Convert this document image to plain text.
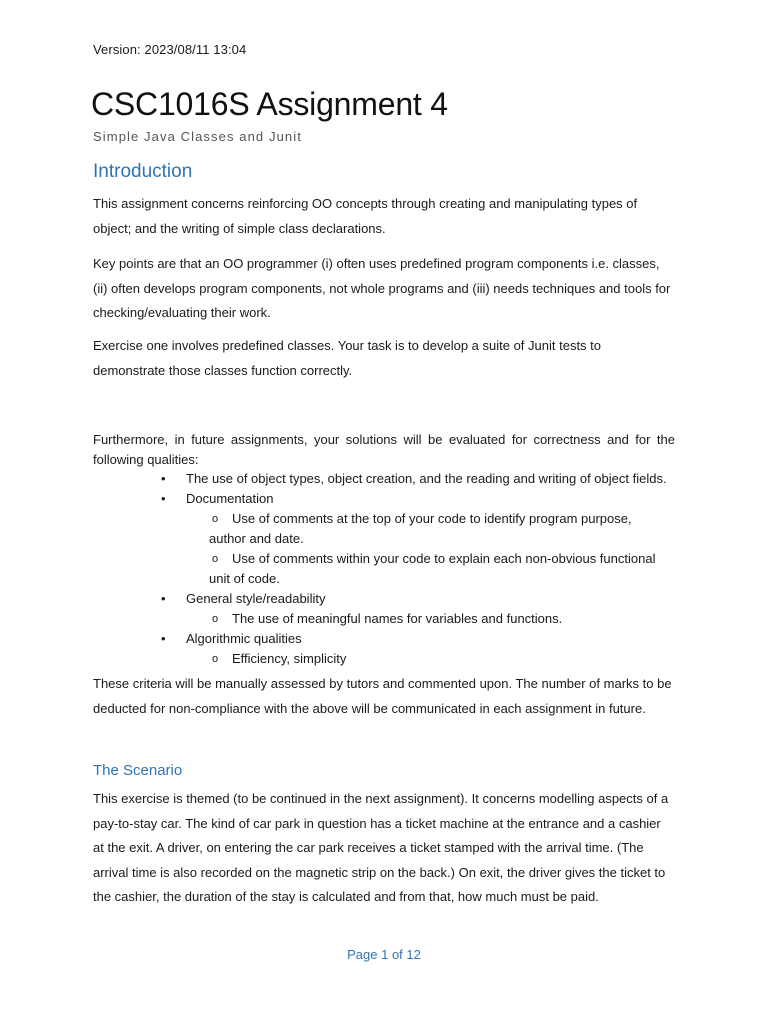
Version: 2023/08/11 13:04
CSC1016S Assignment 4
Simple Java Classes and Junit
Introduction

This assignment concerns reinforcing OO concepts through creating and manipulating types of object; and the writing of simple class declarations.

Key points are that an OO programmer (i) often uses predefined program components i.e. classes, (ii) often develops program components, not whole programs and (iii) needs techniques and tools for checking/evaluating their work.

Exercise one involves predefined classes. Your task is to develop a suite of Junit tests to demonstrate those classes function correctly.

Furthermore, in future assignments, your solutions will be evaluated for correctness and for the following qualities:

• The use of object types, object creation, and the reading and writing of object fields.
• Documentation
o Use of comments at the top of your code to identify program purpose, author and date.
o Use of comments within your code to explain each non-obvious functional unit of code.
• General style/readability
o The use of meaningful names for variables and functions.
• Algorithmic qualities
o Efficiency, simplicity

These criteria will be manually assessed by tutors and commented upon. The number of marks to be deducted for non-compliance with the above will be communicated in each assignment in future.

The Scenario

This exercise is themed (to be continued in the next assignment). It concerns modelling aspects of a pay-to-stay car. The kind of car park in question has a ticket machine at the entrance and a cashier at the exit. A driver, on entering the car park receives a ticket stamped with the arrival time. (The arrival time is also recorded on the magnetic strip on the back.) On exit, the driver gives the ticket to the cashier, the duration of the stay is calculated and from that, how much must be paid.

Page 1 of 12
